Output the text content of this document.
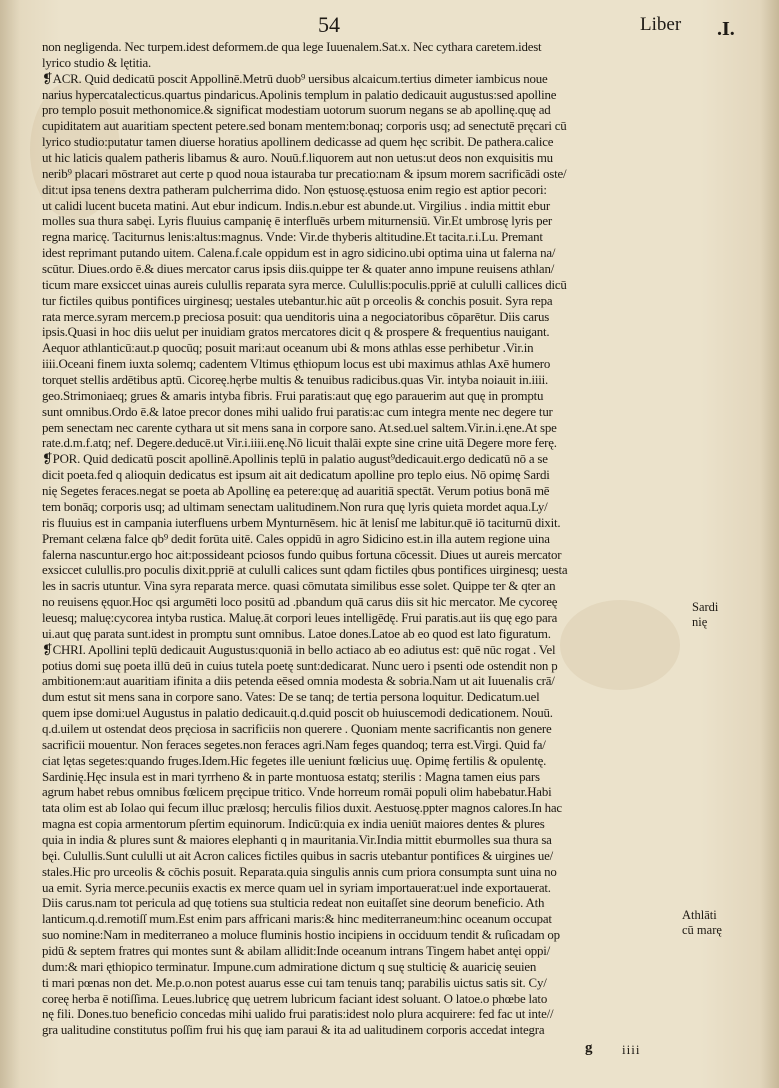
54	Liber .I.
non negligenda. Nec turpem.idest deformem.de qua lege Iuuenalem.Sat.x. Nec cythara caretem.idest
lyrico studio & lętitia.
❡ACR. Quid dedicatū poscit Appollinē.Metrū duob⁹ uersibus alcaicum.tertius dimeter iambicus noue
narius hypercatalecticus.quartus pindaricus.Apolinis templum in palatio dedicauit augustus:sed apolline
pro templo posuit methonomice.& significat modestiam uotorum suorum negans se ab apollinę.quę ad
cupiditatem aut auaritiam spectent petere.sed bonam mentem:bonaq; corporis usq; ad senectutē pręcari cū
lyrico studio:putatur tamen diuerse horatius apollinem dedicasse ad quem hęc scribit. De pathera.calice
ut hic laticis qualem patheris libamus & auro. Nouū.f.liquorem aut non uetus:ut deos non exquisitis mu
nerib⁹ placari mōstraret aut certe p quod noua istauraba tur precatio:nam & ipsum morem sacrificādi oste/
dit:ut ipsa tenens dextra patheram pulcherrima dido. Non ęstuosę.ęstuosa enim regio est aptior pecori:
ut calidi lucent buceta matini. Aut ebur indicum. Indis.n.ebur est abunde.ut. Virgilius . india mittit ebur
molles sua thura sabęi. Lyris fluuius campanię ē interfluēs urbem miturnensiū. Vir.Et umbrosę lyris per
regna maricę. Taciturnus lenis:altus:magnus. Vnde: Vir.de thyberis altitudine.Et tacita.r.i.Lu. Premant
idest reprimant putando uitem. Calena.f.cale oppidum est in agro sidicino.ubi optima uina ut falerna na/
scūtur. Diues.ordo ē.& diues mercator carus ipsis diis.quippe ter & quater anno impune reuisens athlan/
ticum mare exsiccet uinas aureis culullis reparata syra merce. Culullis:poculis.ppriē at cululli callices dicū
tur fictiles quibus pontifices uirginesq; uestales utebantur.hic aūt p orceolis & conchis posuit. Syra repa
rata merce.syram mercem.p preciosa posuit: qua uenditoris uina a negociatoribus cōparētur. Diis carus
ipsis.Quasi in hoc diis uelut per inuidiam gratos mercatores dicit q & prospere & frequentius nauigant.
Aequor athlanticū:aut.p quocūq; posuit mari:aut oceanum ubi & mons athlas esse perhibetur .Vir.in
iiii.Oceani finem iuxta solemq; cadentem Vltimus ęthiopum locus est ubi maximus athlas Axē humero
torquet stellis ardētibus aptū. Cicoreę.hęrbe multis & tenuibus radicibus.quas Vir. intyba noiauit in.iiii.
geo.Strimoniaeq; grues & amaris intyba fibris. Frui paratis:aut quę ego parauerim aut quę in promptu
sunt omnibus.Ordo ē.& latoe precor dones mihi ualido frui paratis:ac cum integra mente nec degere tur
pem senectam nec carente cythara ut sit mens sana in corpore sano. At.sed.uel saltem.Vir.in.i.ęne.At spe
rate.d.m.f.atq; nef. Degere.deducē.ut Vir.i.iiii.enę.Nō licuit thalāi expte sine crine uitā Degere more ferę.
❡POR. Quid dedicatū poscit apollinē.Apollinis teplū in palatio august⁹dedicauit.ergo dedicatū nō a se
dicit poeta.fed q alioquin dedicatus est ipsum ait ait dedicatum apolline pro teplo eius. Nō opimę Sardi
nię Segetes feraces.negat se poeta ab Apollinę ea petere:quę ad auaritiā spectāt. Verum potius bonā mē
tem bonāq; corporis usq; ad ultimam senectam ualitudinem.Non rura quę lyris quieta mordet aqua.Ly/
ris fluuius est in campania iuterfluens urbem Mynturnēsem. hic āt lenisſ me labitur.quē iō taciturnū dixit.
Premant celæna falce qb⁹ dedit forūta uitē. Cales oppidū in agro Sidicino est.in illa autem regione uina
falerna nascuntur.ergo hoc ait:possideant pciosos fundo quibus fortuna cōcessit. Diues ut aureis mercator
exsiccet culullis.pro poculis dixit.ppriē at cululli calices sunt qdam fictiles qbus pontifices uirginesq; uesta
les in sacris utuntur. Vina syra reparata merce. quasi cōmutata similibus esse solet. Quippe ter & qter an
no reuisens ęquor.Hoc qsi argumēti loco positū ad .pbandum quā carus diis sit hic mercator. Me cycoreę
leuesq; maluę:cycorea intyba rustica. Maluę.āt corpori leues intelligēdę. Frui paratis.aut iis quę ego para
ui.aut quę parata sunt.idest in promptu sunt omnibus. Latoe dones.Latoe ab eo quod est lato figuratum.
❡CHRI. Apollini teplū dedicauit Augustus:quoniā in bello actiaco ab eo adiutus est: quē nūc rogat . Vel
potius domi suę poeta illū deū in cuius tutela poetę sunt:dedicarat. Nunc uero i psenti ode ostendit non p
ambitionem:aut auaritiam ifinita a diis petenda eēsed omnia modesta & sobria.Nam ut ait Iuuenalis crā/
dum estut sit mens sana in corpore sano. Vates: De se tanq; de tertia persona loquitur. Dedicatum.uel
quem ipse domi:uel Augustus in palatio dedicauit.q.d.quid poscit ob huiuscemodi dedicationem. Nouū.
q.d.uilem ut ostendat deos pręciosa in sacrificiis non querere . Quoniam mente sacrificantis non genere
sacrificii mouentur. Non feraces segetes.non feraces agri.Nam feges quandoq; terra est.Virgi. Quid fa/
ciat lętas segetes:quando fruges.Idem.Hic fegetes ille ueniunt fœlicius uuę. Opimę fertilis & opulentę.
Sardinię.Hęc insula est in mari tyrrheno & in parte montuosa estatq; sterilis : Magna tamen eius pars
agrum habet rebus omnibus fœlicem pręcipue tritico. Vnde horreum romāi populi olim habebatur.Habi
tata olim est ab Iolao qui fecum illuc prælosq; herculis filios duxit. Aestuosę.ppter magnos calores.In hac
magna est copia armentorum pſertim equinorum. Indicū:quia ex india ueniūt maiores dentes & plures
quia in india & plures sunt & maiores elephanti q in mauritania.Vir.India mittit eburmolles sua thura sa
bęi. Culullis.Sunt cululli ut ait Acron calices fictiles quibus in sacris utebantur pontifices & uirgines ue/
stales.Hic pro urceolis & cōchis posuit. Reparata.quia singulis annis cum priora consumpta sunt uina no
ua emit. Syria merce.pecuniis exactis ex merce quam uel in syriam importauerat:uel inde exportauerat.
Diis carus.nam tot pericula ad quę totiens sua stulticia redeat non euitaſſet sine deorum beneficio. Ath
lanticum.q.d.remotiſſ mum.Est enim pars affricani maris:& hinc mediterraneum:hinc oceanum occupat
suo nomine:Nam in mediterraneo a moluce fluminis hostio incipiens in occiduum tendit & ruſicadam op
pidū & septem fratres qui montes sunt & abilam allidit:Inde oceanum intrans Tingem habet antęi oppi/
dum:& mari ęthiopico terminatur. Impune.cum admiratione dictum q suę stulticię & auaricię seuien
ti mari pœnas non det. Me.p.o.non potest auarus esse cui tam tenuis tanq; parabilis uictus satis sit. Cy/
coreę herba ē notiſſima. Leues.lubricę quę uetrem lubricum faciant idest soluant. O latoe.o phœbe lato
nę fili. Dones.tuo beneficio concedas mihi ualido frui paratis:idest nolo plura acquirere: fed fac ut inte//
gra ualitudine constitutus poſſim frui his quę iam paraui & ita ad ualitudinem corporis accedat integra
Sardi
nię
Athlāti
cū marę
g iiii
